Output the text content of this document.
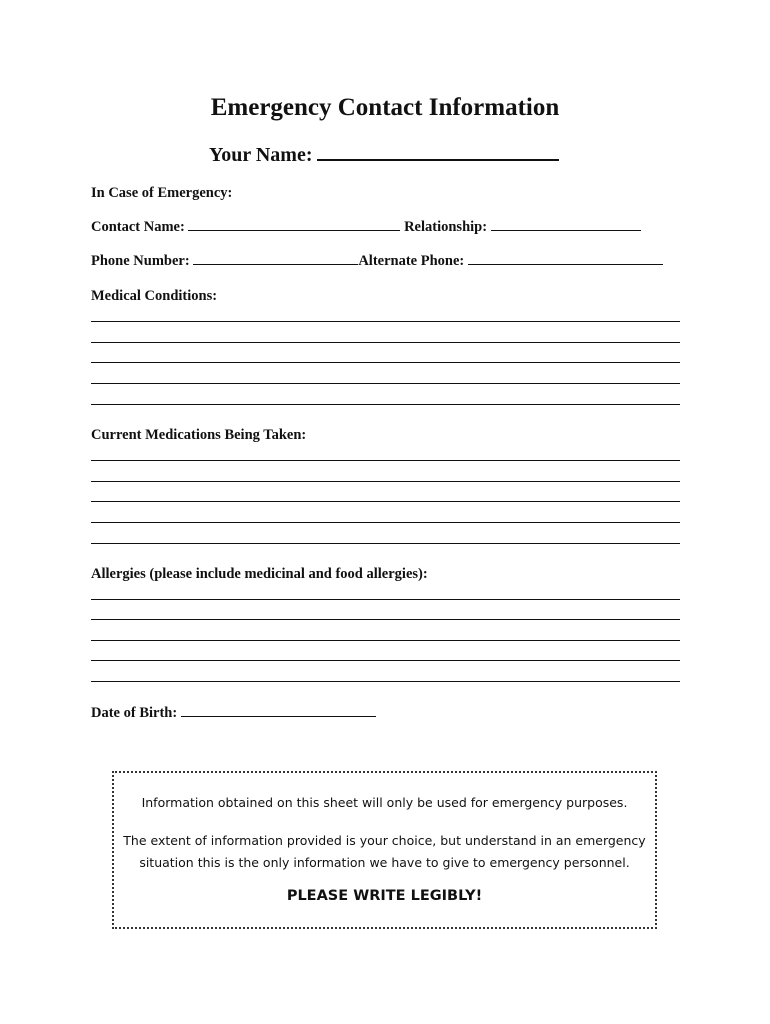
Emergency Contact Information
Your Name:
In Case of Emergency:
Contact Name:	Relationship:
Phone Number:	Alternate Phone:
Medical Conditions:
Current Medications Being Taken:
Allergies (please include medicinal and food allergies):
Date of Birth:
Information obtained on this sheet will only be used for emergency purposes.
The extent of information provided is your choice, but understand in an emergency situation this is the only information we have to give to emergency personnel.
PLEASE WRITE LEGIBLY!
